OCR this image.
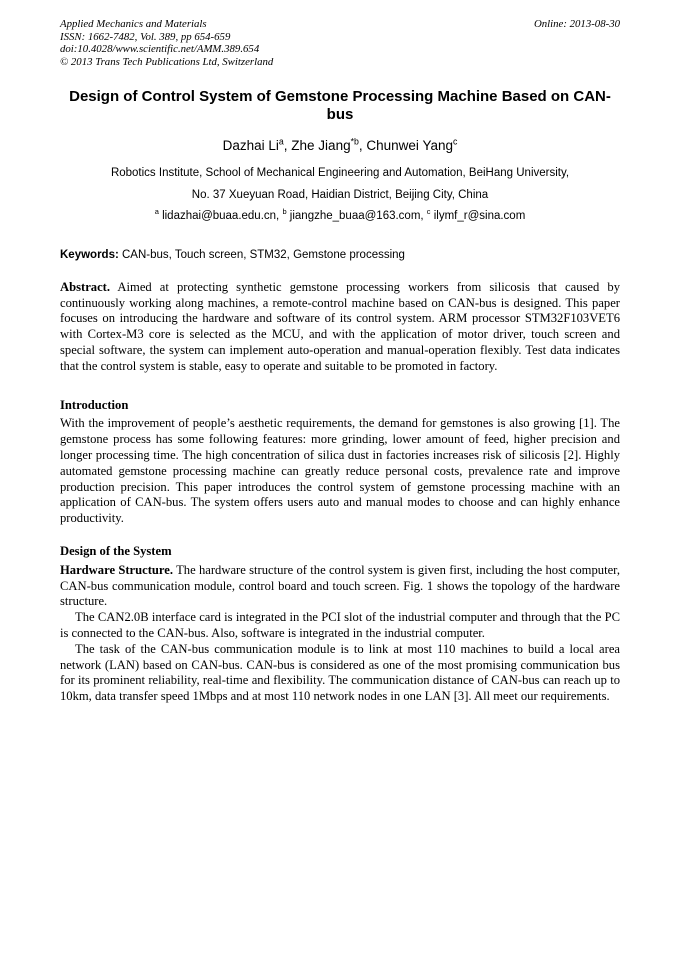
Applied Mechanics and Materials
ISSN: 1662-7482, Vol. 389, pp 654-659
doi:10.4028/www.scientific.net/AMM.389.654
© 2013 Trans Tech Publications Ltd, Switzerland
Online: 2013-08-30
Design of Control System of Gemstone Processing Machine Based on CAN-bus
Dazhai Li$^a$, Zhe Jiang$^{*b}$, Chunwei Yang$^c$
Robotics Institute, School of Mechanical Engineering and Automation, BeiHang University,
No. 37 Xueyuan Road, Haidian District, Beijing City, China
$^a$ lidazhai@buaa.edu.cn, $^b$ jiangzhe_buaa@163.com, $^c$ ilymf_r@sina.com
Keywords: CAN-bus, Touch screen, STM32, Gemstone processing

Abstract. Aimed at protecting synthetic gemstone processing workers from silicosis that caused by continuously working along machines, a remote-control machine based on CAN-bus is designed. This paper focuses on introducing the hardware and software of its control system. ARM processor STM32F103VET6 with Cortex-M3 core is selected as the MCU, and with the application of motor driver, touch screen and special software, the system can implement auto-operation and manual-operation flexibly. Test data indicates that the control system is stable, easy to operate and suitable to be promoted in factory.

Introduction

With the improvement of people’s aesthetic requirements, the demand for gemstones is also growing [1]. The gemstone process has some following features: more grinding, lower amount of feed, higher precision and longer processing time. The high concentration of silica dust in factories increases risk of silicosis [2]. Highly automated gemstone processing machine can greatly reduce personal costs, prevalence rate and improve production precision. This paper introduces the control system of gemstone processing machine with an application of CAN-bus. The system offers users auto and manual modes to choose and can highly enhance productivity.

Design of the System

Hardware Structure. The hardware structure of the control system is given first, including the host computer, CAN-bus communication module, control board and touch screen. Fig. 1 shows the topology of the hardware structure.

The CAN2.0B interface card is integrated in the PCI slot of the industrial computer and through that the PC is connected to the CAN-bus. Also, software is integrated in the industrial computer.

The task of the CAN-bus communication module is to link at most 110 machines to build a local area network (LAN) based on CAN-bus. CAN-bus is considered as one of the most promising communication bus for its prominent reliability, real-time and flexibility. The communication distance of CAN-bus can reach up to 10km, data transfer speed 1Mbps and at most 110 network nodes in one LAN [3]. All meet our requirements.
